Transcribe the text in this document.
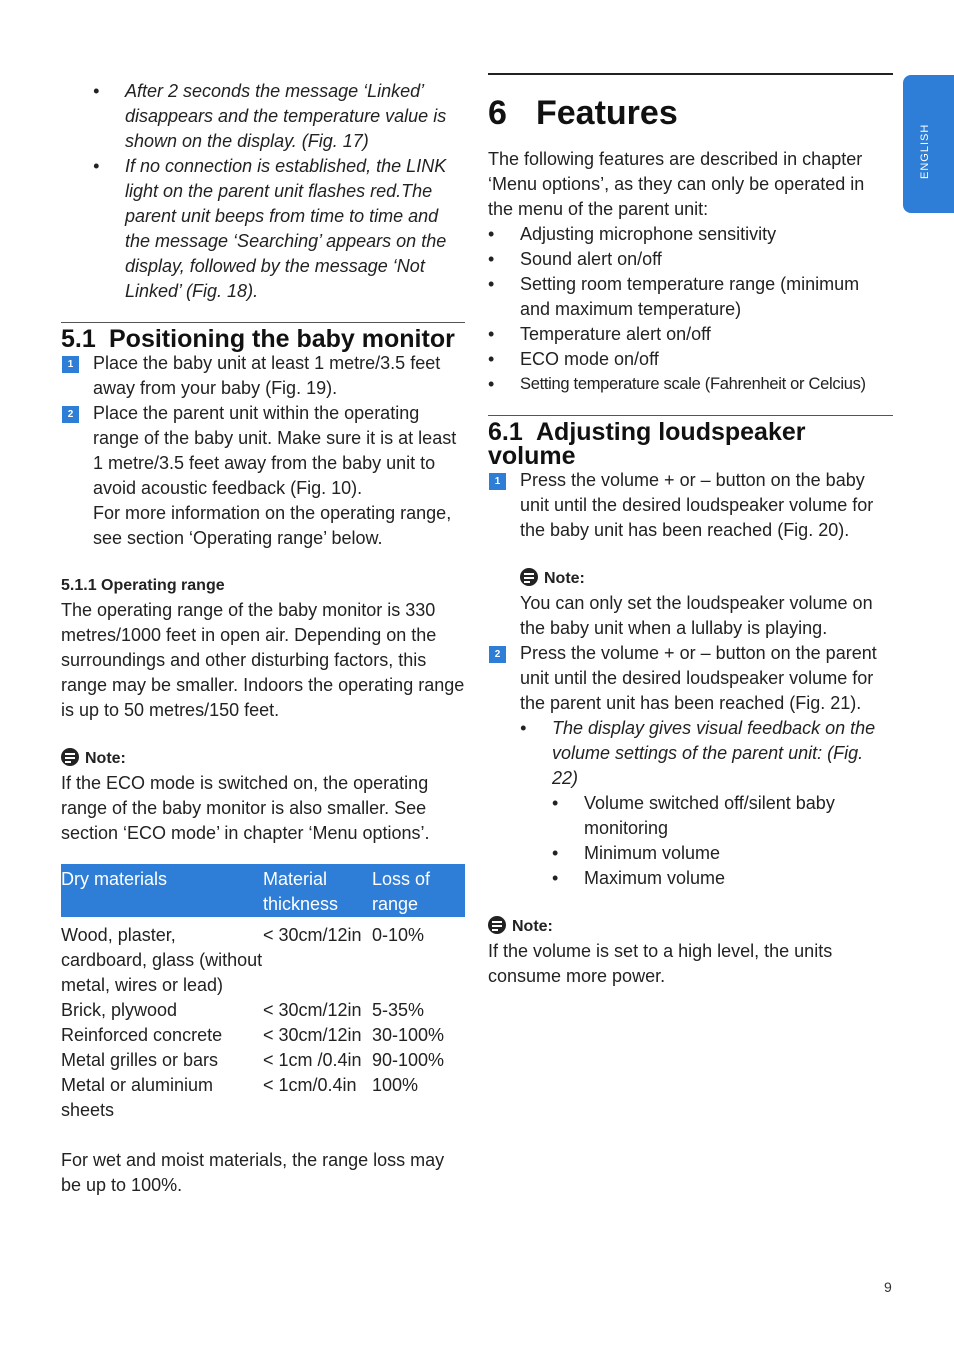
ENGLISH
• After 2 seconds the message ‘Linked’ disappears and the temperature value is shown on the display. (Fig. 17)

• If no connection is established, the LINK light on the parent unit flashes red.The parent unit beeps from time to time and the message ‘Searching’ appears on the display, followed by the message ‘Not Linked’ (Fig. 18).

5.1 Positioning the baby monitor
1	Place the baby unit at least 1 metre/3.5 feet away from your baby (Fig. 19).

2	Place the parent unit within the operating range of the baby unit. Make sure it is at least 1 metre/3.5 feet away from the baby unit to avoid acoustic feedback (Fig. 10).

For more information on the operating range, see section ‘Operating range’ below.

5.1.1 Operating range

The operating range of the baby monitor is 330 metres/1000 feet in open air. Depending on the surroundings and other disturbing factors, this range may be smaller. Indoors the operating range is up to 50 metres/150 feet.

Note:

If the ECO mode is switched on, the operating range of the baby monitor is also smaller. See section ‘ECO mode’ in chapter ‘Menu options’.

Dry materials	Material thickness	Loss of range
Wood, plaster, cardboard, glass (without metal, wires or lead)	< 30cm/12in	0-10%
Brick, plywood	< 30cm/12in	5-35%
Reinforced concrete	< 30cm/12in	30-100%
Metal grilles or bars	< 1cm /0.4in	90-100%
Metal or aluminium sheets	< 1cm/0.4in	100%

For wet and moist materials, the range loss may be up to 100%.

6 Features

The following features are described in chapter ‘Menu options’, as they can only be operated in the menu of the parent unit:

• Adjusting microphone sensitivity

• Sound alert on/off

• Setting room temperature range (minimum and maximum temperature)

• Temperature alert on/off

• ECO mode on/off

• Setting temperature scale (Fahrenheit or Celcius)

6.1 Adjusting loudspeaker volume
1	Press the volume + or – button on the baby unit until the desired loudspeaker volume for the baby unit has been reached (Fig. 20).

Note:

You can only set the loudspeaker volume on the baby unit when a lullaby is playing.

2	Press the volume + or – button on the parent unit until the desired loudspeaker volume for the parent unit has been reached (Fig. 21).

• The display gives visual feedback on the volume settings of the parent unit: (Fig. 22)

• Volume switched off/silent baby monitoring

• Minimum volume

• Maximum volume

Note:

If the volume is set to a high level, the units consume more power.

9
